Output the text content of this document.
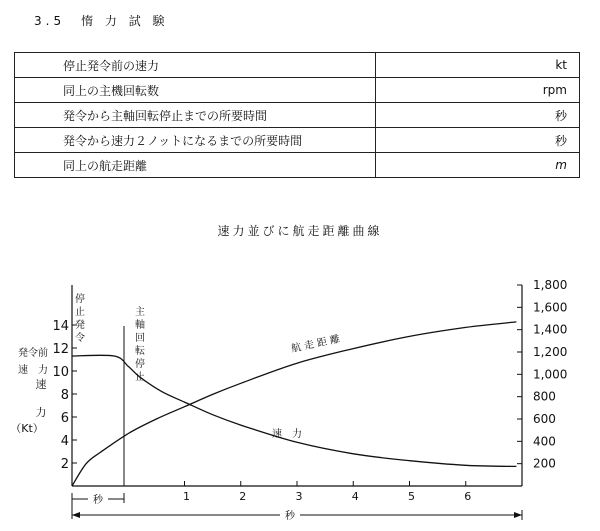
3.5　惰 力 試 験
停止発令前の速力		kt
同上の主機回転数		rpm
発令から主軸回転停止までの所要時間		秒
発令から速力２ノットになるまでの所要時間		秒
同上の航走距離		m
速力並びに航走距離曲線
1	2	3	4	5	6
2
4
6
8
10
12
14
200
400
600
800
1,000
1,200
1,400
1,600
1,800
速
力
（Kt）
発令前
速　力
停
止
発
令
主
軸
回
転
停
止
秒
秒
航 走 距 離
速　力
